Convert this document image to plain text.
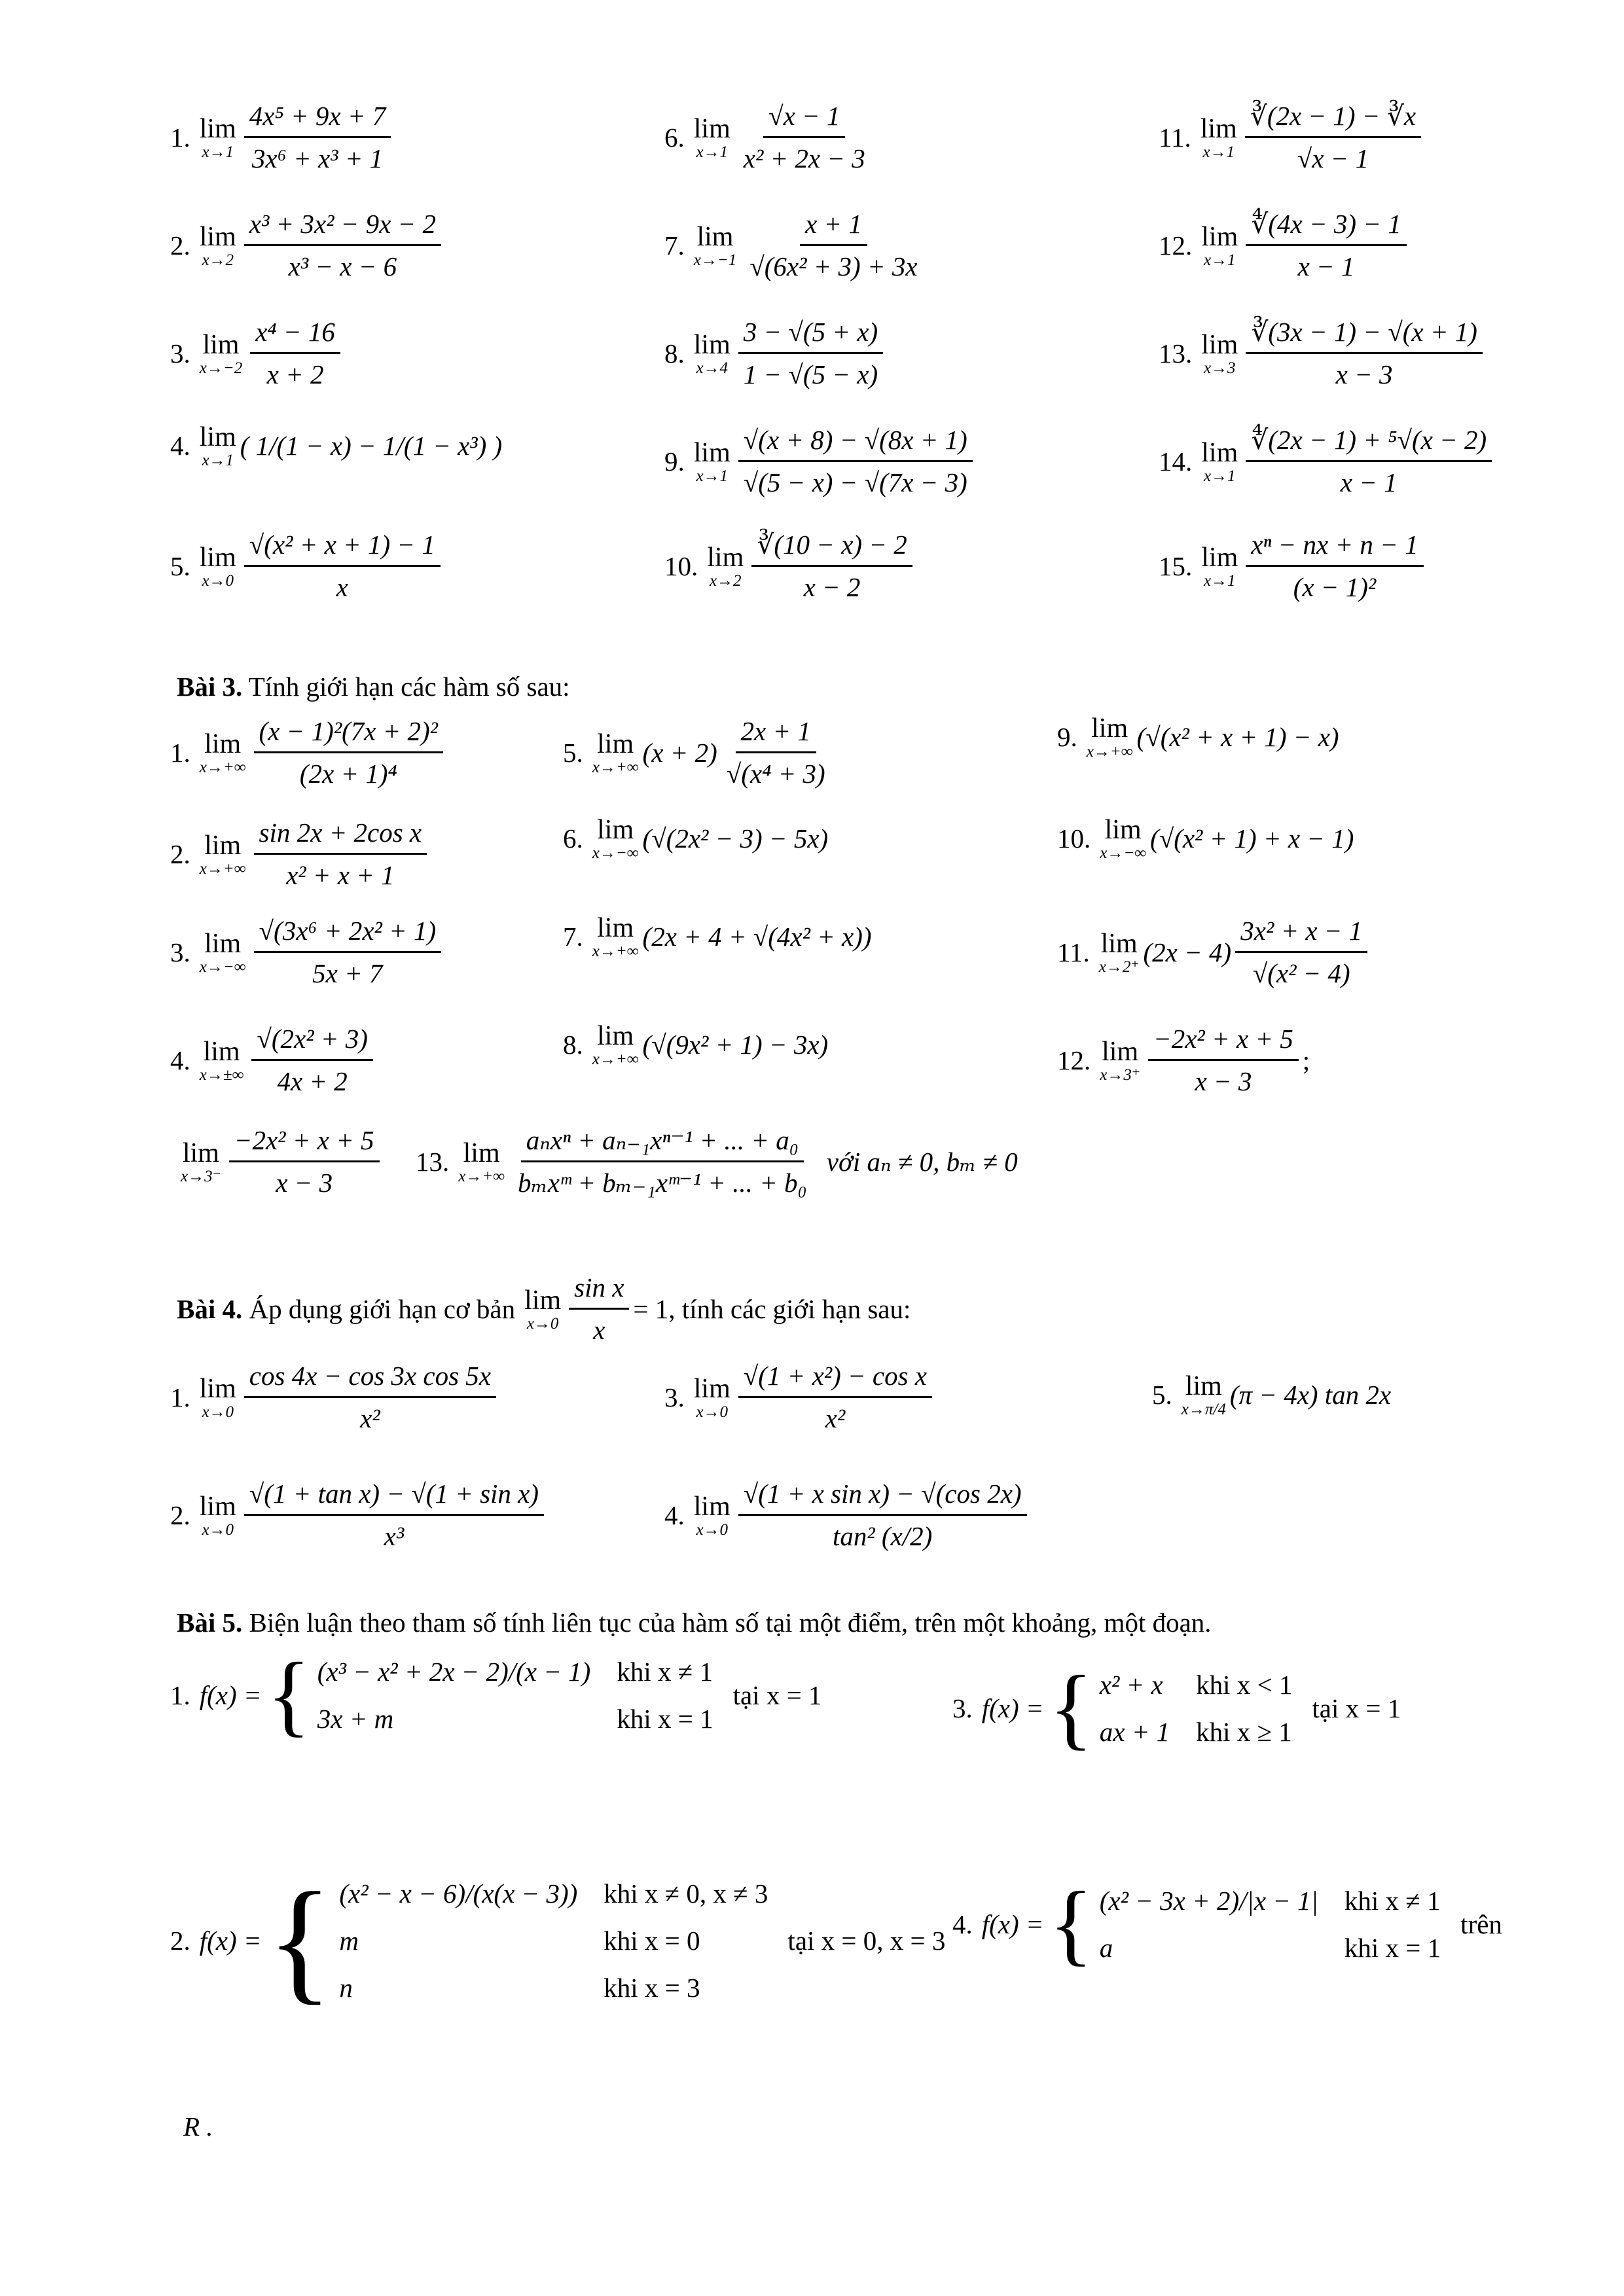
1. lim
$x\to 1 \frac{\text{4x⁵ + 9x + 7}}{\text{3x⁶ + x³ + 1}}$
2. lim
$x\to 2 \frac{\text{x³ + 3x² − 9x − 2}}{\text{x³ − x − 6}}$
3. lim
$x\to-2 \frac{\text{x⁴ − 16}}{x + 2}$
4. lim
x→1 ( 1/(1 − x) − 1/(1 − x³) )
5. lim
$x\to 0 \frac{\text{√(x² + x + 1) − 1}}{x}$
6. lim
$x\to 1 \frac{√x - 1}{\text{x² + 2x − 3}}$
7. lim
$x\to-1 \frac{x + 1}{\text{√(6x² + 3) + 3x}}$
8. lim
$x\to 4 \frac{3 - √(5 + x)}{1 - √(5 - x)}$
9. lim
$x\to 1 \frac{√(x + 8) - √(8x + 1)}{√(5 - x) - √(7x - 3)}$
10. lim
$x\to 2 \frac{∛(10 - x) - 2}{x - 2}$
11. lim
$x\to 1 \frac{∛(2x - 1) - ∛x}{√x - 1}$
12. lim
$x\to 1 \frac{∜(4x - 3) - 1}{x - 1}$
13. lim
$x\to 3 \frac{∛(3x - 1) - √(x + 1)}{x - 3}$
14. lim
$x\to 1 \frac{\text{∜(2x − 1) + ⁵√(x − 2)}}{x - 1}$
15. lim
$x\to 1 \frac{\text{xⁿ − nx + n − 1}}{\text{(x − 1)²}}$
Bài 3. Tính giới hạn các hàm số sau:
1. lim
$x\to+\infty \frac{\text{(x − 1)²(7x + 2)²}}{\text{(2x + 1)⁴}}$
2. lim
$x\to+\infty \frac{\text{sin 2x + 2cos x}}{\text{x² + x + 1}}$
3. lim
$x\to-\infty \frac{\text{√(3x⁶ + 2x² + 1)}}{5x + 7}$
4. lim
$x\to\pm\infty \frac{\text{√(2x² + 3)}}{4x + 2}$
5. lim
x→+∞ $(x + 2) \frac{2x + 1}{\text{√(x⁴ + 3)}}$
6. lim
x→−∞ (√(2x² − 3) − 5x)
7. lim
x→+∞ (2x + 4 + √(4x² + x))
8. lim
x→+∞ (√(9x² + 1) − 3x)
9. lim
x→+∞ (√(x² + x + 1) − x)
10. lim
x→−∞ (√(x² + 1) + x − 1)
11. lim
x→2⁺ $(2x - 4) \frac{\text{3x² + x − 1}}{\text{√(x² − 4)}}$
12. lim
$x\to 3^+ \frac{\text{−2x² + x + 5}}{x - 3}$ ;
lim
$x\to 3^- \frac{\text{−2x² + x + 5}}{x - 3} 13$. lim
$x\to+\infty \frac{\text{aₙxⁿ + aₙ₋₁xⁿ⁻¹ + ... + a₀}}{\text{bₘxᵐ + bₘ₋₁xᵐ⁻¹ + ... + b₀}}$ với aₙ ≠ 0, bₘ ≠ 0
Bài 4.
Áp dụng giới hạn cơ bản lim
$x\to 0 \frac{\text{sin x}}{x} = 1$ , tính các giới hạn sau:
1. lim
$x\to 0 \frac{\text{cos 4x − cos 3x cos 5x}}{\text{x²}}$
2. lim
$x\to 0 \frac{\text{√(1 + tan x) − √(1 + sin x)}}{\text{x³}}$
3. lim
$x\to 0 \frac{\text{√(1 + x²) − cos x}}{\text{x²}}$
4. lim
$x\to 0 \frac{\text{√(1 + x sin x) − √(cos 2x)}}{\text{tan² (x/2)}}$
5. lim
x→π/4 (π − 4x) tan 2x
Bài 5. Biện luận theo tham số tính liên tục của hàm số tại một điểm, trên một khoảng, một đoạn.
1. f(x) = { (x³ − x² + 2x − 2)/(x − 1) khi x ≠ 1
3x + m	khi x = 1
tại x = 1
2. f(x) = { (x² − x − 6)/(x(x − 3)) khi x ≠ 0, x ≠ 3
m	khi x = 0
n	khi x = 3
tại x = 0, x = 3
3. f(x) = { x² + x khi x < 1
ax + 1 khi x ≥ 1
tại x = 1
4. f(x) = { (x² − 3x + 2)/|x − 1| khi x ≠ 1
a	khi x = 1
trên
R .
